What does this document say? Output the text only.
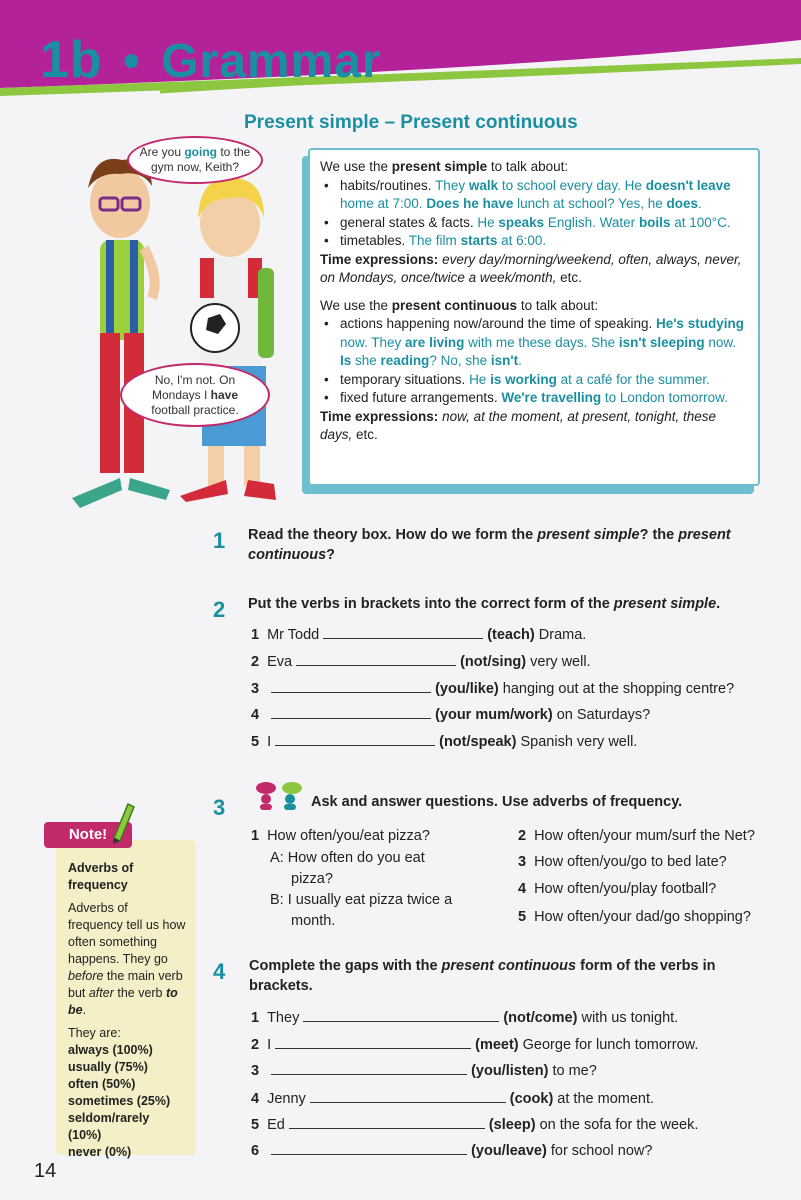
1b • Grammar
Present simple – Present continuous
Are you going to the gym now, Keith?
No, I'm not. On Mondays I have football practice.
We use the present simple to talk about:
• habits/routines. They walk to school every day. He doesn't leave home at 7:00. Does he have lunch at school? Yes, he does.
• general states & facts. He speaks English. Water boils at 100°C.
• timetables. The film starts at 6:00.
Time expressions: every day/morning/weekend, often, always, never, on Mondays, once/twice a week/month, etc.
We use the present continuous to talk about:
• actions happening now/around the time of speaking. He's studying now. They are living with me these days. She isn't sleeping now. Is she reading? No, she isn't.
• temporary situations. He is working at a café for the summer.
• fixed future arrangements. We're travelling to London tomorrow.
Time expressions: now, at the moment, at present, tonight, these days, etc.
1 Read the theory box. How do we form the present simple? the present continuous?
2 Put the verbs in brackets into the correct form of the present simple.
1 Mr Todd	(teach) Drama.
2 Eva	(not/sing) very well.
3	(you/like) hanging out at the shopping centre?
4	(your mum/work) on Saturdays?
5 I	(not/speak) Spanish very well.
3	Ask and answer questions. Use adverbs of frequency.
1 How often/you/eat pizza?
A: How often do you eat
pizza?
B: I usually eat pizza twice a
month.
2 How often/your mum/surf the Net?
3 How often/you/go to bed late?
4 How often/you/play football?
5 How often/your dad/go shopping?
4 Complete the gaps with the present continuous form of the verbs in
brackets.
1 They	(not/come) with us tonight.
2 I	(meet) George for lunch tomorrow.
3	(you/listen) to me?
4 Jenny	(cook) at the moment.
5 Ed	(sleep) on the sofa for the week.
6	(you/leave) for school now?
Adverbs of
frequency
Adverbs of frequency tell us how often something happens. They go before the main verb but after the verb to be.
They are:
always (100%)
usually (75%)
often (50%)
sometimes (25%)
seldom/rarely (10%)
never (0%)
Note!
14
